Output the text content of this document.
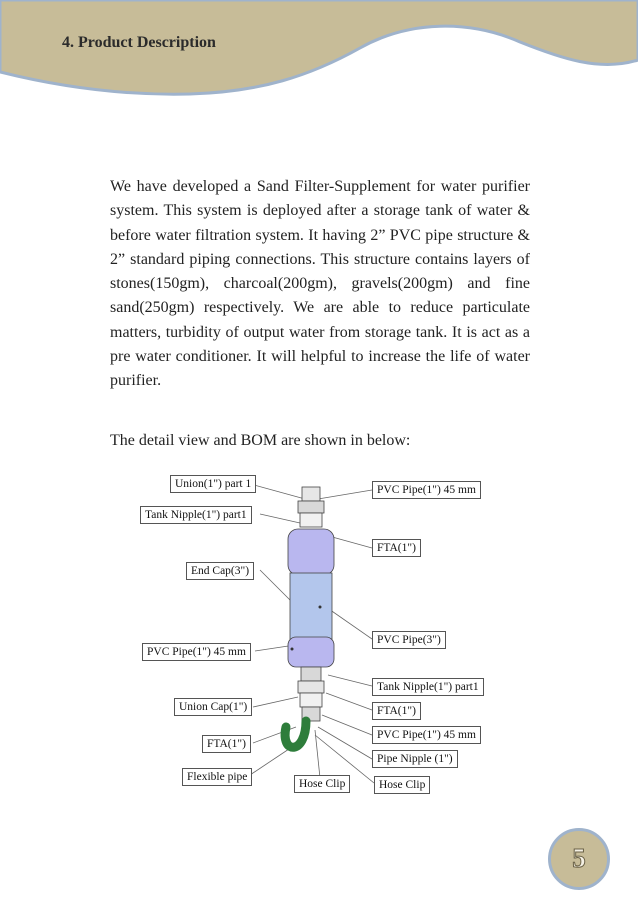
4. Product Description

We have developed a Sand Filter-Supplement for water purifier system. This system is deployed after a storage tank of water & before water filtration system. It having 2” PVC pipe structure & 2” standard piping connections. This structure contains layers of stones(150gm), charcoal(200gm), gravels(200gm) and fine sand(250gm) respectively. We are able to reduce particulate matters, turbidity of output water from storage tank. It is act as a pre water conditioner. It will helpful to increase the life of water purifier.

The detail view and BOM are shown in below:
Union(1") part 1
Tank Nipple(1") part1
End Cap(3")
PVC Pipe(1") 45 mm
Union Cap(1")
FTA(1")
Flexible pipe
Hose Clip
PVC Pipe(1") 45 mm
FTA(1")
PVC Pipe(3")
Tank Nipple(1") part1
FTA(1")
PVC Pipe(1") 45 mm
Pipe Nipple (1")
Hose Clip
5
